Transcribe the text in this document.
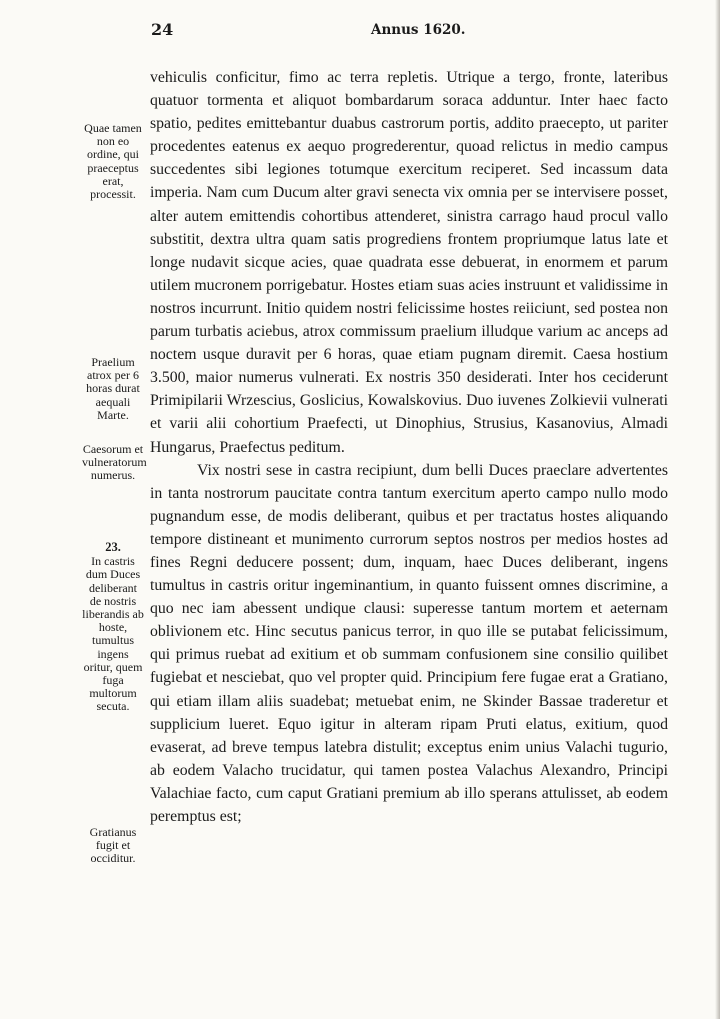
24	Annus 1620.
Quae tamen non eo ordine, qui praeceptus erat, processit.
Praelium atrox per 6 horas durat aequali Marte.
Caesorum et vulneratorum numerus.
23.
In castris dum Duces deliberant de nostris liberandis ab hoste, tumultus ingens oritur, quem fuga multorum secuta.
Gratianus fugit et occiditur.

vehiculis conficitur, fimo ac terra repletis. Utrique a tergo, fronte, lateribus quatuor tormenta et aliquot bombardarum soraca adduntur. Inter haec facto spatio, pedites emittebantur duabus castrorum portis, addito praecepto, ut pariter procedentes eatenus ex aequo progrederentur, quoad relictus in medio campus succedentes sibi legiones totumque exercitum reciperet. Sed incassum data imperia. Nam cum Ducum alter gravi senecta vix omnia per se intervisere posset, alter autem emittendis cohortibus attenderet, sinistra carrago haud procul vallo substitit, dextra ultra quam satis progrediens frontem propriumque latus late et longe nudavit sicque acies, quae quadrata esse debuerat, in enormem et parum utilem mucronem porrigebatur. Hostes etiam suas acies instruunt et validissime in nostros incurrunt. Initio quidem nostri felicissime hostes reiiciunt, sed postea non parum turbatis aciebus, atrox commissum praelium illudque varium ac anceps ad noctem usque duravit per 6 horas, quae etiam pugnam diremit. Caesa hostium 3.500, maior numerus vulnerati. Ex nostris 350 desiderati. Inter hos ceciderunt Primipilarii Wrzescius, Goslicius, Kowalskovius. Duo iuvenes Zolkievii vulnerati et varii alii cohortium Praefecti, ut Dinophius, Strusius, Kasanovius, Almadi Hungarus, Praefectus peditum.

Vix nostri sese in castra recipiunt, dum belli Duces praeclare advertentes in tanta nostrorum paucitate contra tantum exercitum aperto campo nullo modo pugnandum esse, de modis deliberant, quibus et per tractatus hostes aliquando tempore distineant et munimento currorum septos nostros per medios hostes ad fines Regni deducere possent; dum, inquam, haec Duces deliberant, ingens tumultus in castris oritur ingeminantium, in quanto fuissent omnes discrimine, a quo nec iam abessent undique clausi: superesse tantum mortem et aeternam oblivionem etc. Hinc secutus panicus terror, in quo ille se putabat felicissimum, qui primus ruebat ad exitium et ob summam confusionem sine consilio quilibet fugiebat et nesciebat, quo vel propter quid. Principium fere fugae erat a Gratiano, qui etiam illam aliis suadebat; metuebat enim, ne Skinder Bassae traderetur et supplicium lueret. Equo igitur in alteram ripam Pruti elatus, exitium, quod evaserat, ad breve tempus latebra distulit; exceptus enim unius Valachi tugurio, ab eodem Valacho trucidatur, qui tamen postea Valachus Alexandro, Principi Valachiae facto, cum caput Gratiani premium ab illo sperans attulisset, ab eodem peremptus est;
